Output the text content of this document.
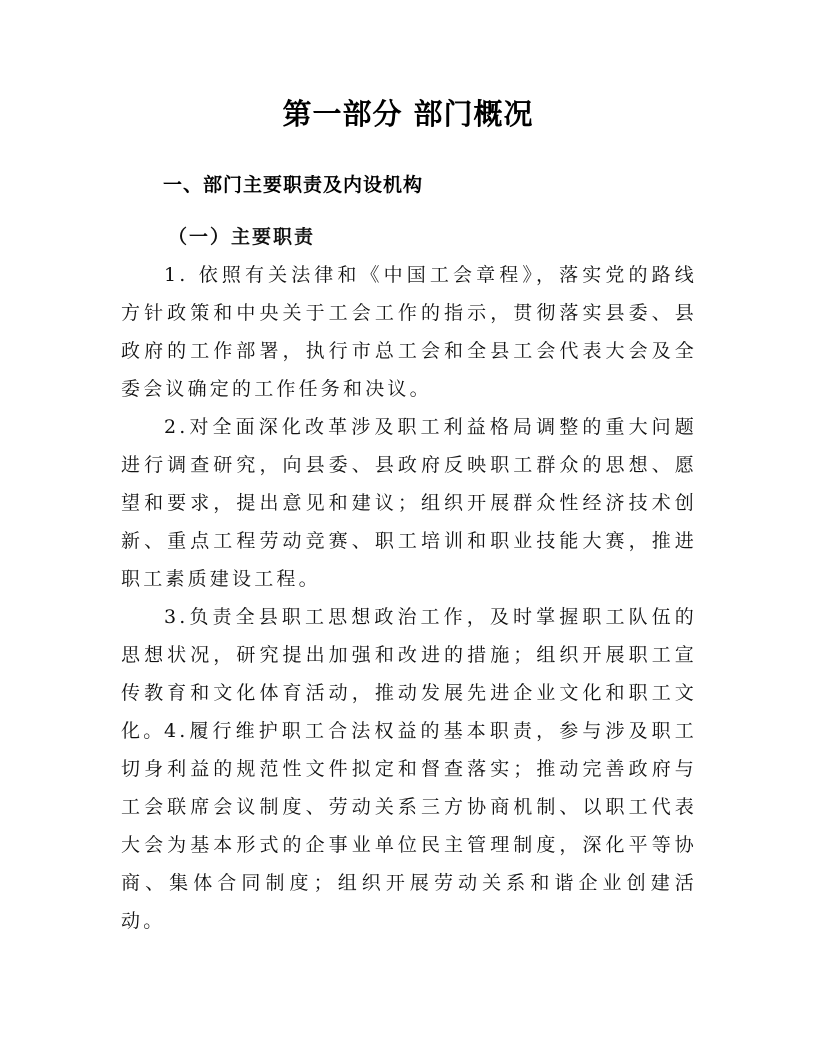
第一部分 部门概况
一、部门主要职责及内设机构
（一）主要职责

1. 依照有关法律和《中国工会章程》，落实党的路线方针政策和中央关于工会工作的指示，贯彻落实县委、县政府的工作部署，执行市总工会和全县工会代表大会及全委会议确定的工作任务和决议。

2.对全面深化改革涉及职工利益格局调整的重大问题进行调查研究，向县委、县政府反映职工群众的思想、愿望和要求，提出意见和建议；组织开展群众性经济技术创新、重点工程劳动竞赛、职工培训和职业技能大赛，推进职工素质建设工程。

3.负责全县职工思想政治工作，及时掌握职工队伍的思想状况，研究提出加强和改进的措施；组织开展职工宣传教育和文化体育活动，推动发展先进企业文化和职工文化。

4.履行维护职工合法权益的基本职责，参与涉及职工切身利益的规范性文件拟定和督查落实；推动完善政府与工会联席会议制度、劳动关系三方协商机制、以职工代表大会为基本形式的企事业单位民主管理制度，深化平等协商、集体合同制度；组织开展劳动关系和谐企业创建活动。
